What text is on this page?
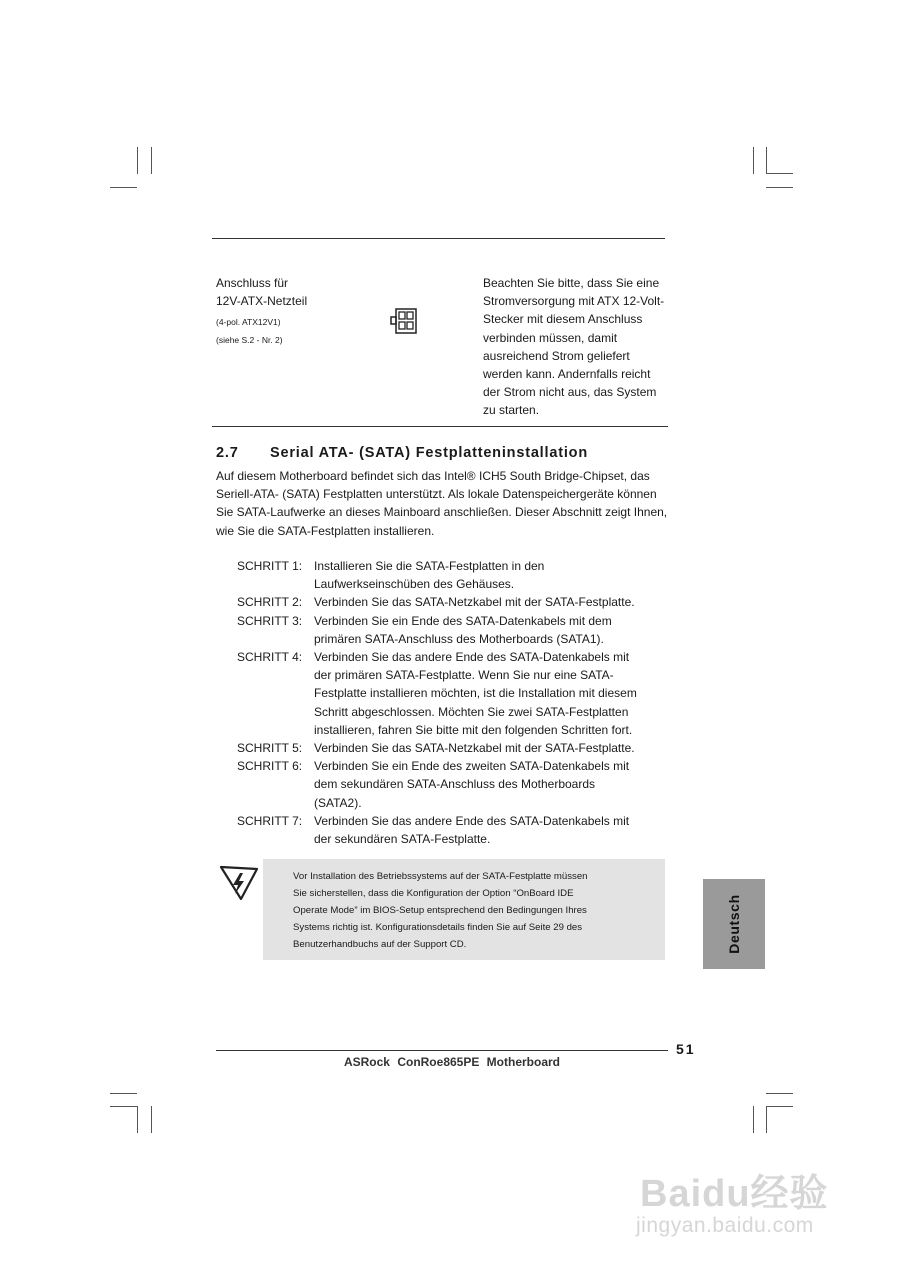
Anschluss für
12V-ATX-Netzteil
(4-pol. ATX12V1)
(siehe S.2 - Nr. 2)
Beachten Sie bitte, dass Sie eine
Stromversorgung mit ATX 12-Volt-
Stecker mit diesem Anschluss
verbinden müssen, damit
ausreichend Strom geliefert
werden kann. Andernfalls reicht
der Strom nicht aus, das System
zu starten.
2.7 Serial ATA- (SATA) Festplatteninstallation
Auf diesem Motherboard befindet sich das Intel® ICH5 South Bridge-Chipset, das
Seriell-ATA- (SATA) Festplatten unterstützt. Als lokale Datenspeichergeräte können
Sie SATA-Laufwerke an dieses Mainboard anschließen. Dieser Abschnitt zeigt Ihnen,
wie Sie die SATA-Festplatten installieren.
SCHRITT 1: Installieren Sie die SATA-Festplatten in den
Laufwerkseinschüben des Gehäuses.
SCHRITT 2: Verbinden Sie das SATA-Netzkabel mit der SATA-Festplatte.
SCHRITT 3: Verbinden Sie ein Ende des SATA-Datenkabels mit dem
primären SATA-Anschluss des Motherboards (SATA1).
SCHRITT 4: Verbinden Sie das andere Ende des SATA-Datenkabels mit
der primären SATA-Festplatte. Wenn Sie nur eine SATA-
Festplatte installieren möchten, ist die Installation mit diesem
Schritt abgeschlossen. Möchten Sie zwei SATA-Festplatten
installieren, fahren Sie bitte mit den folgenden Schritten fort.
SCHRITT 5: Verbinden Sie das SATA-Netzkabel mit der SATA-Festplatte.
SCHRITT 6: Verbinden Sie ein Ende des zweiten SATA-Datenkabels mit
dem sekundären SATA-Anschluss des Motherboards
(SATA2).
SCHRITT 7: Verbinden Sie das andere Ende des SATA-Datenkabels mit
der sekundären SATA-Festplatte.
Vor Installation des Betriebssystems auf der SATA-Festplatte müssen
Sie sicherstellen, dass die Konfiguration der Option “OnBoard IDE
Operate Mode” im BIOS-Setup entsprechend den Bedingungen Ihres
Systems richtig ist. Konfigurationsdetails finden Sie auf Seite 29 des
Benutzerhandbuchs auf der Support CD.	Deutsch
51
ASRock ConRoe865PE Motherboard
Baidu经验
jingyan.baidu.com
